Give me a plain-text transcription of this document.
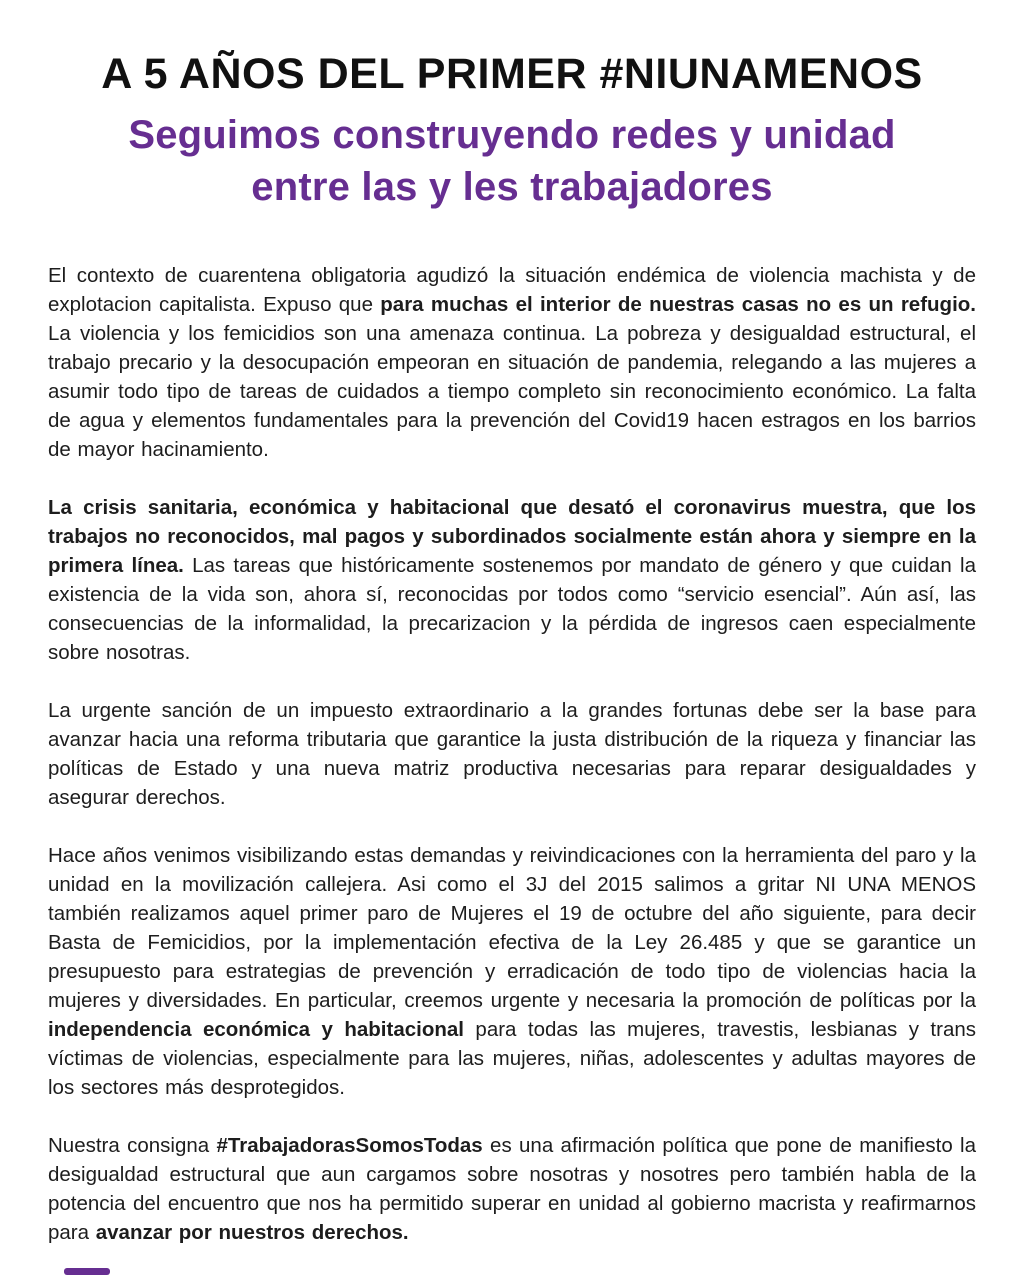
A 5 AÑOS DEL PRIMER #NIUNAMENOS
Seguimos construyendo redes y unidad entre las y les trabajadores

El contexto de cuarentena obligatoria agudizó la situación endémica de violencia machista y de explotacion capitalista. Expuso que para muchas el interior de nuestras casas no es un refugio. La violencia y los femicidios son una amenaza continua. La pobreza y desigualdad estructural, el trabajo precario y la desocupación empeoran en situación de pandemia, relegando a las mujeres a asumir todo tipo de tareas de cuidados a tiempo completo sin reconocimiento económico. La falta de agua y elementos fundamentales para la prevención del Covid19 hacen estragos en los barrios de mayor hacinamiento.

La crisis sanitaria, económica y habitacional que desató el coronavirus muestra, que los trabajos no reconocidos, mal pagos y subordinados socialmente están ahora y siempre en la primera línea. Las tareas que históricamente sostenemos por mandato de género y que cuidan la existencia de la vida son, ahora sí, reconocidas por todos como “servicio esencial”. Aún así, las consecuencias de la informalidad, la precarizacion y la pérdida de ingresos caen especialmente sobre nosotras.

La urgente sanción de un impuesto extraordinario a la grandes fortunas debe ser la base para avanzar hacia una reforma tributaria que garantice la justa distribución de la riqueza y financiar las políticas de Estado y una nueva matriz productiva necesarias para reparar desigualdades y asegurar derechos.

Hace años venimos visibilizando estas demandas y reivindicaciones con la herramienta del paro y la unidad en la movilización callejera. Asi como el 3J del 2015 salimos a gritar NI UNA MENOS también realizamos aquel primer paro de Mujeres el 19 de octubre del año siguiente, para decir Basta de Femicidios, por la implementación efectiva de la Ley 26.485 y que se garantice un presupuesto para estrategias de prevención y erradicación de todo tipo de violencias hacia la mujeres y diversidades. En particular, creemos urgente y necesaria la promoción de políticas por la independencia económica y habitacional para todas las mujeres, travestis, lesbianas y trans víctimas de violencias, especialmente para las mujeres, niñas, adolescentes y adultas mayores de los sectores más desprotegidos.

Nuestra consigna #TrabajadorasSomosTodas es una afirmación política que pone de manifiesto la desigualdad estructural que aun cargamos sobre nosotras y nosotres pero también habla de la potencia del encuentro que nos ha permitido superar en unidad al gobierno macrista y reafirmarnos para avanzar por nuestros derechos.
